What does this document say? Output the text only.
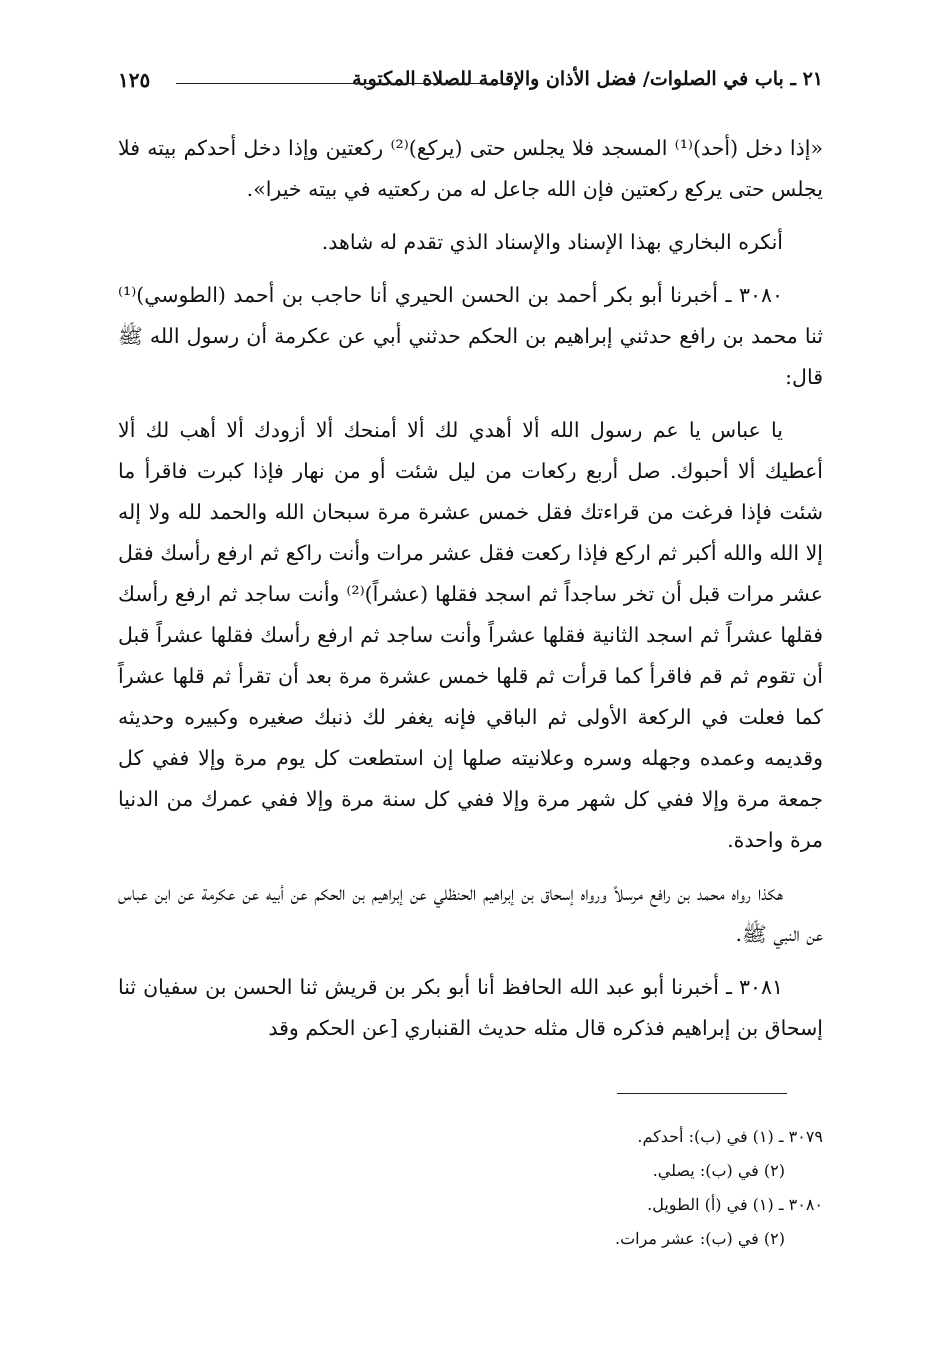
٢١ ـ باب في الصلوات/ فضل الأذان والإقامة للصلاة المكتوبة
١٢٥

«إذا دخل (أحد)⁽¹⁾ المسجد فلا يجلس حتى (يركع)⁽²⁾ ركعتين وإذا دخل أحدكم بيته فلا يجلس حتى يركع ركعتين فإن الله جاعل له من ركعتيه في بيته خيرا».

أنكره البخاري بهذا الإسناد والإسناد الذي تقدم له شاهد.

٣٠٨٠ ـ أخبرنا أبو بكر أحمد بن الحسن الحيري أنا حاجب بن أحمد (الطوسي)⁽¹⁾ ثنا محمد بن رافع حدثني إبراهيم بن الحكم حدثني أبي عن عكرمة أن رسول الله ﷺ قال:

يا عباس يا عم رسول الله ألا أهدي لك ألا أمنحك ألا أزودك ألا أهب لك ألا أعطيك ألا أحبوك. صل أربع ركعات من ليل شئت أو من نهار فإذا كبرت فاقرأ ما شئت فإذا فرغت من قراءتك فقل خمس عشرة مرة سبحان الله والحمد لله ولا إله إلا الله والله أكبر ثم اركع فإذا ركعت فقل عشر مرات وأنت راكع ثم ارفع رأسك فقل عشر مرات قبل أن تخر ساجداً ثم اسجد فقلها (عشراً)⁽²⁾ وأنت ساجد ثم ارفع رأسك فقلها عشراً ثم اسجد الثانية فقلها عشراً وأنت ساجد ثم ارفع رأسك فقلها عشراً قبل أن تقوم ثم قم فاقرأ كما قرأت ثم قلها خمس عشرة مرة بعد أن تقرأ ثم قلها عشراً كما فعلت في الركعة الأولى ثم الباقي فإنه يغفر لك ذنبك صغيره وكبيره وحديثه وقديمه وعمده وجهله وسره وعلانيته صلها إن استطعت كل يوم مرة وإلا ففي كل جمعة مرة وإلا ففي كل شهر مرة وإلا ففي كل سنة مرة وإلا ففي عمرك من الدنيا مرة واحدة.

هكذا رواه محمد بن رافع مرسلاً ورواه إسحاق بن إبراهيم الحنظلي عن إبراهيم بن الحكم عن أبيه عن عكرمة عن ابن عباس عن النبي ﷺ.

٣٠٨١ ـ أخبرنا أبو عبد الله الحافظ أنا أبو بكر بن قريش ثنا الحسن بن سفيان ثنا إسحاق بن إبراهيم فذكره قال مثله حديث القنباري [عن الحكم وقد

٣٠٧٩ ـ (١) في (ب): أحدكم.
(٢) في (ب): يصلي.
٣٠٨٠ ـ (١) في (أ) الطويل.
(٢) في (ب): عشر مرات.
